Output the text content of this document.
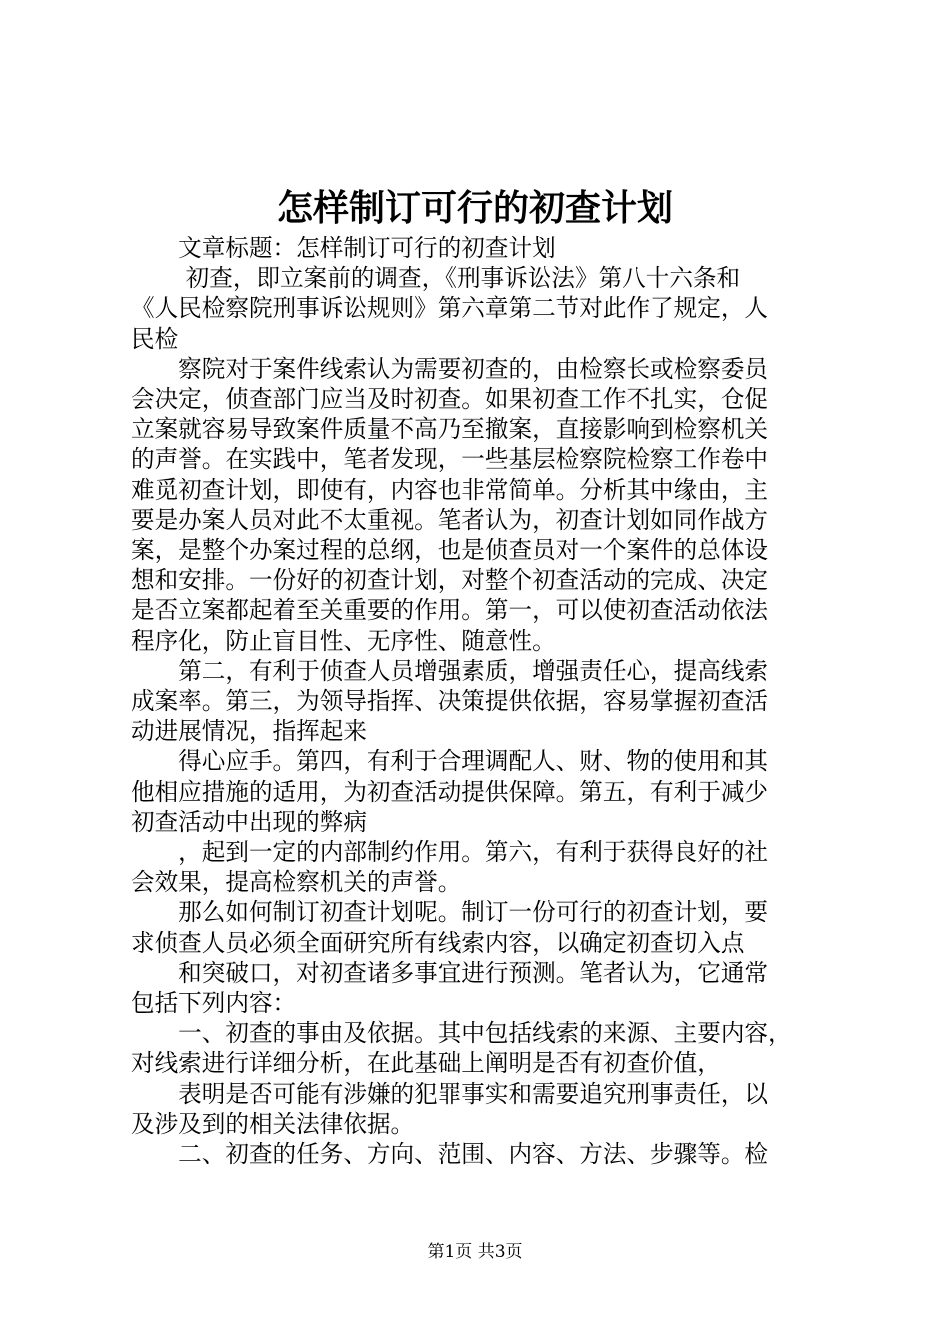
怎样制订可行的初查计划

　　文章标题：怎样制订可行的初查计划

　　 初查，即立案前的调查，《刑事诉讼法》第八十六条和

《人民检察院刑事诉讼规则》第六章第二节对此作了规定，人

民检

　　察院对于案件线索认为需要初查的，由检察长或检察委员

会决定，侦查部门应当及时初查。如果初查工作不扎实，仓促

立案就容易导致案件质量不高乃至撤案，直接影响到检察机关

的声誉。在实践中，笔者发现，一些基层检察院检察工作卷中

难觅初查计划，即使有，内容也非常简单。分析其中缘由，主

要是办案人员对此不太重视。笔者认为，初查计划如同作战方

案，是整个办案过程的总纲，也是侦查员对一个案件的总体设

想和安排。一份好的初查计划，对整个初查活动的完成、决定

是否立案都起着至关重要的作用。第一，可以使初查活动依法

程序化，防止盲目性、无序性、随意性。

　　第二，有利于侦查人员增强素质，增强责任心，提高线索

成案率。第三，为领导指挥、决策提供依据，容易掌握初查活

动进展情况，指挥起来

　　得心应手。第四，有利于合理调配人、财、物的使用和其

他相应措施的适用，为初查活动提供保障。第五，有利于减少

初查活动中出现的弊病

　　，起到一定的内部制约作用。第六，有利于获得良好的社

会效果，提高检察机关的声誉。

　　那么如何制订初查计划呢。制订一份可行的初查计划，要

求侦查人员必须全面研究所有线索内容，以确定初查切入点

　　和突破口，对初查诸多事宜进行预测。笔者认为，它通常

包括下列内容：

　　一、初查的事由及依据。其中包括线索的来源、主要内容，

对线索进行详细分析，在此基础上阐明是否有初查价值，

　　表明是否可能有涉嫌的犯罪事实和需要追究刑事责任，以

及涉及到的相关法律依据。

　　二、初查的任务、方向、范围、内容、方法、步骤等。检

第1页 共3页
